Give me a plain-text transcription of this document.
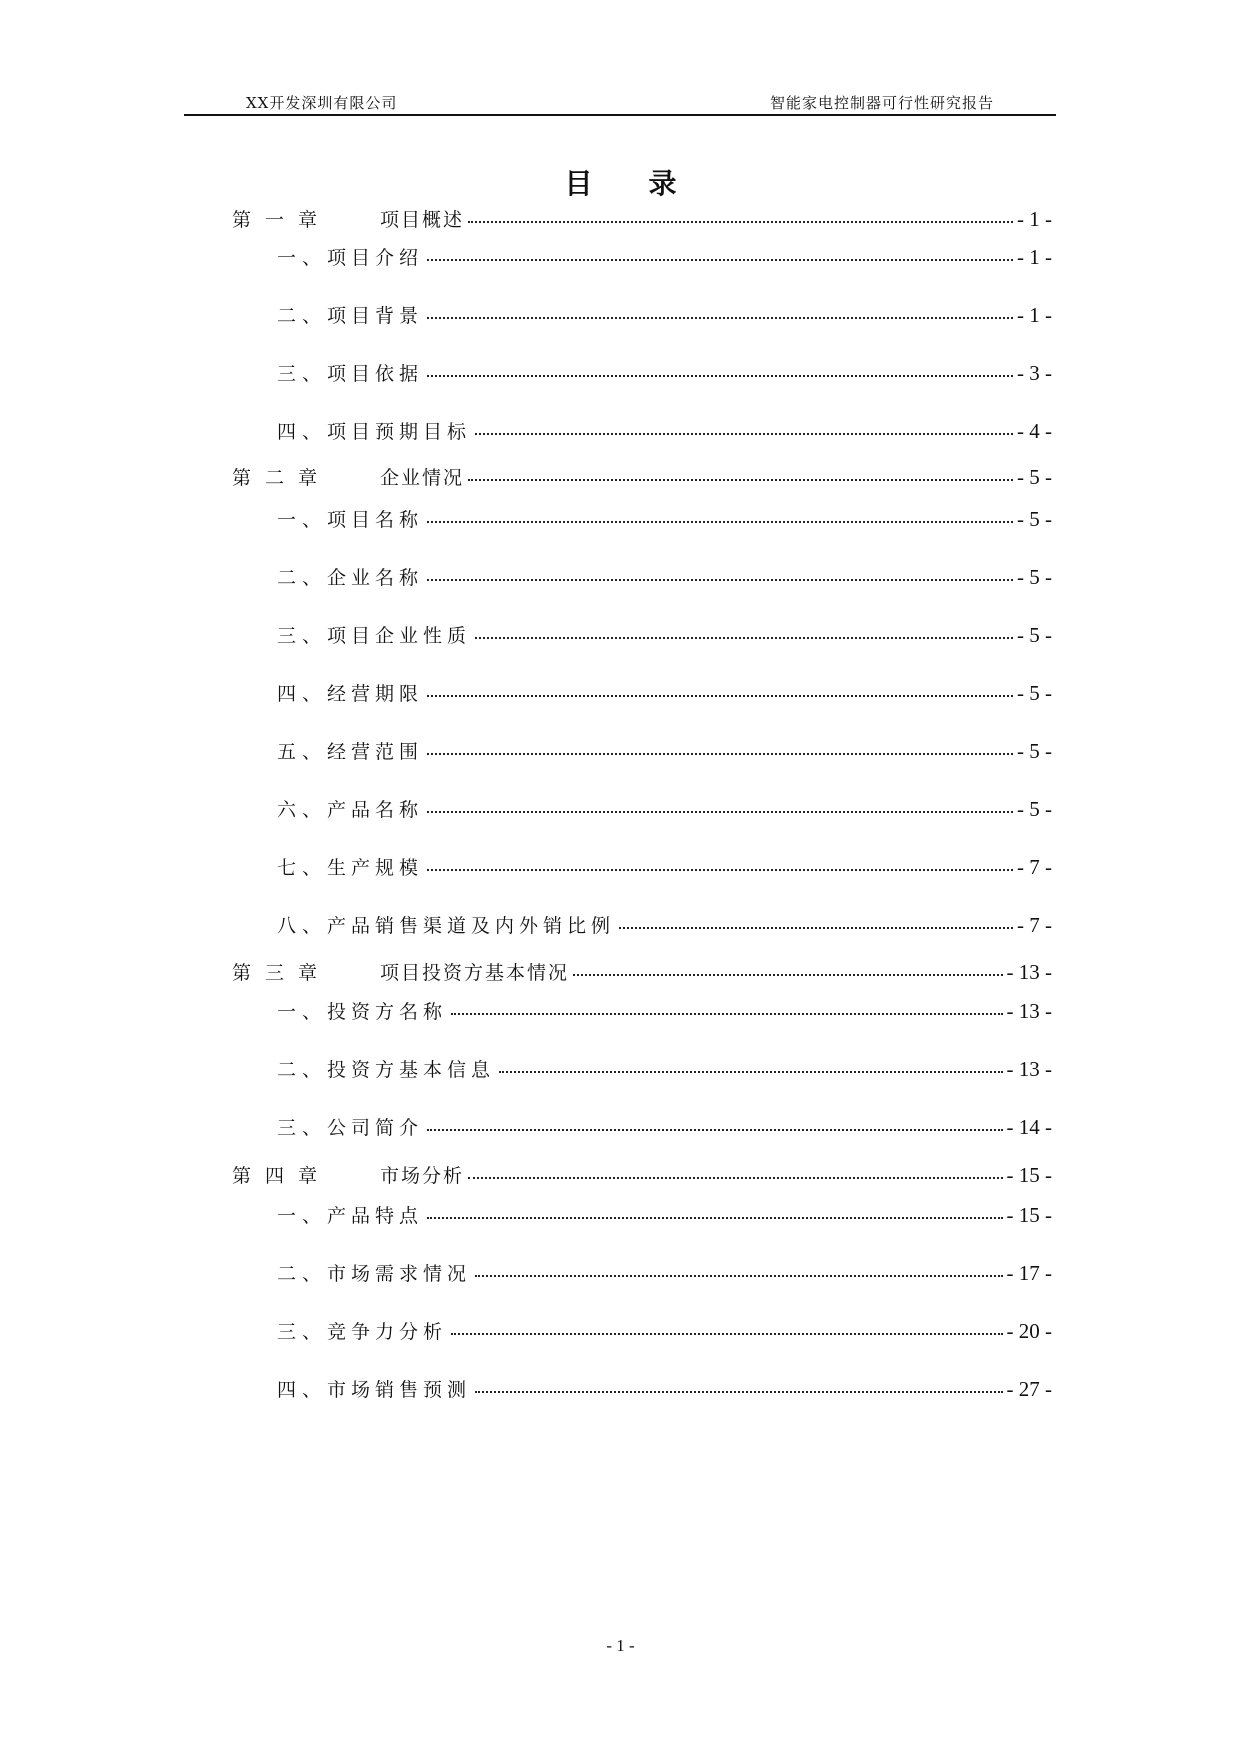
XX开发深圳有限公司	智能家电控制器可行性研究报告
目录
第一章	项目概述	- 1 -
一、 项目介绍	- 1 -
二、 项目背景	- 1 -
三、 项目依据	- 3 -
四、 项目预期目标	- 4 -
第二章	企业情况	- 5 -
一、 项目名称	- 5 -
二、 企业名称	- 5 -
三、 项目企业性质	- 5 -
四、 经营期限	- 5 -
五、 经营范围	- 5 -
六、 产品名称	- 5 -
七、 生产规模	- 7 -
八、 产品销售渠道及内外销比例	- 7 -
第三章	项目投资方基本情况	- 13 -
一、 投资方名称	- 13 -
二、 投资方基本信息	- 13 -
三、 公司简介	- 14 -
第四章	市场分析	- 15 -
一、 产品特点	- 15 -
二、 市场需求情况	- 17 -
三、 竞争力分析	- 20 -
四、 市场销售预测	- 27 -
- 1 -
